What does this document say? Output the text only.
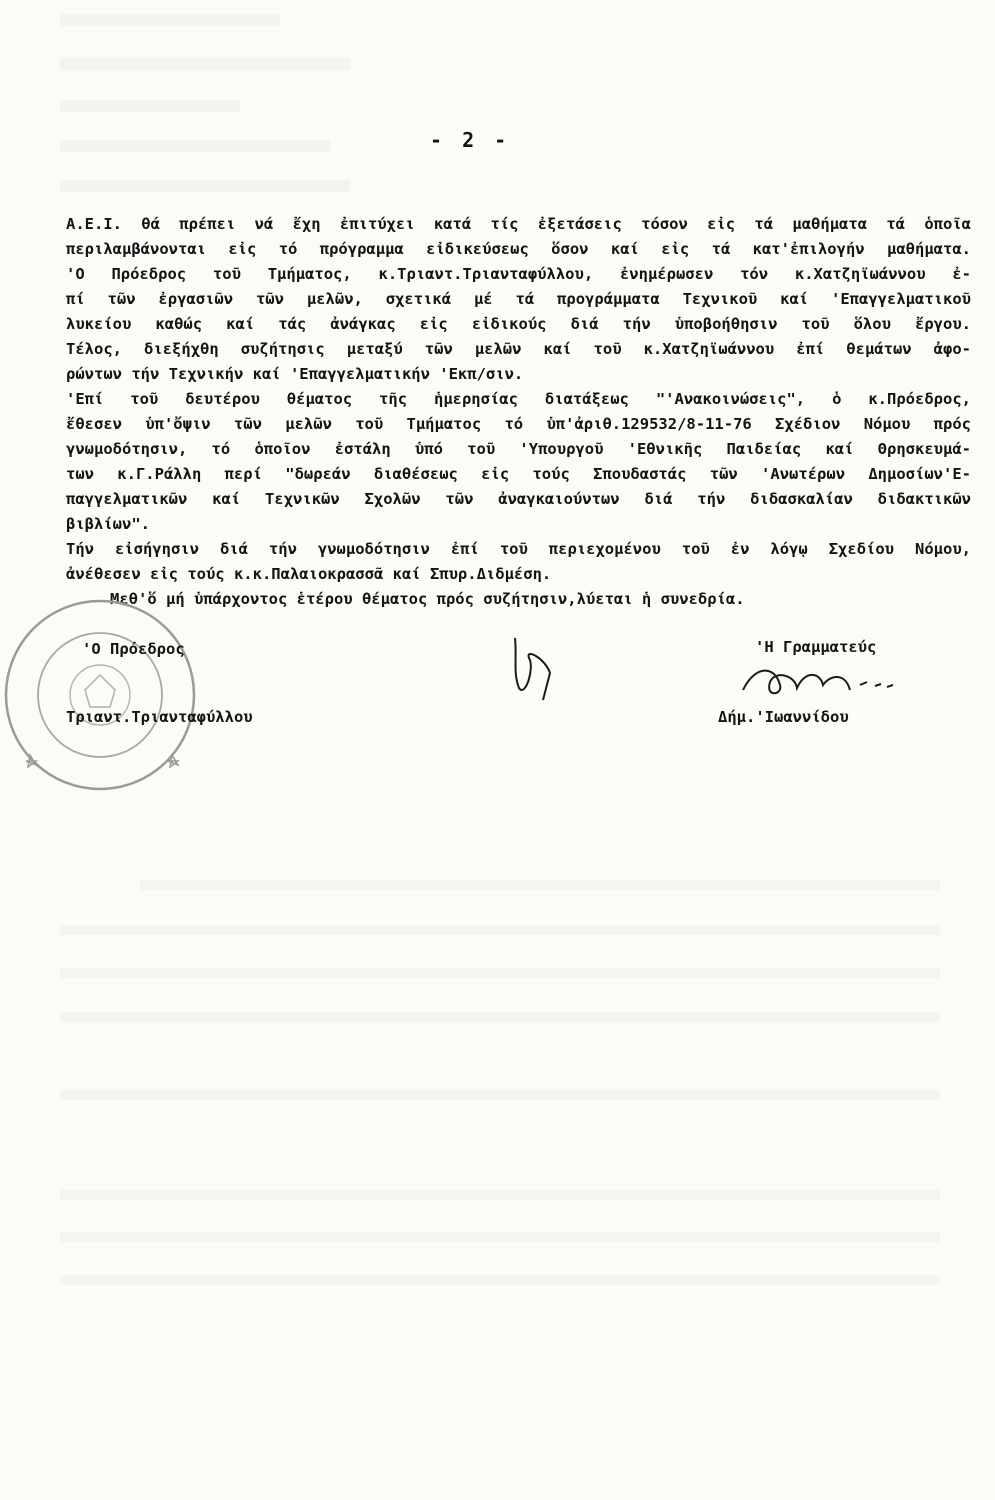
- 2 -
Α.Ε.Ι. θά πρέπει νά ἔχη ἐπιτύχει κατά τίς ἐξετάσεις τόσον εἰς τά μαθήματα τά ὁποῖα
περιλαμβάνονται εἰς τό πρόγραμμα εἰδικεύσεως ὅσον καί εἰς τά κατ'ἐπιλογήν μαθήματα.
'Ο Πρόεδρος τοῦ Τμήματος, κ.Τριαντ.Τριανταφύλλου, ἐνημέρωσεν τόν κ.Χατζηϊωάννου ἐ-
πί τῶν ἐργασιῶν τῶν μελῶν, σχετικά μέ τά προγράμματα Τεχνικοῦ καί 'Επαγγελματικοῦ
λυκείου καθώς καί τάς ἀνάγκας εἰς εἰδικούς διά τήν ὑποβοήθησιν τοῦ ὅλου ἔργου.
Τέλος, διεξήχθη συζήτησις μεταξύ τῶν μελῶν καί τοῦ κ.Χατζηϊωάννου ἐπί θεμάτων ἀφο-
ρώντων τήν Τεχνικήν καί 'Επαγγελματικήν 'Εκπ/σιν.
'Επί τοῦ δευτέρου θέματος τῆς ἡμερησίας διατάξεως "'Ανακοινώσεις", ὁ κ.Πρόεδρος,
ἔθεσεν ὑπ'ὄψιν τῶν μελῶν τοῦ Τμήματος τό ὑπ'ἀριθ.129532/8-11-76 Σχέδιον Νόμου πρός
γνωμοδότησιν, τό ὁποῖον ἐστάλη ὑπό τοῦ 'Υπουργοῦ 'Εθνικῆς Παιδείας καί Θρησκευμά-
των κ.Γ.Ράλλη περί "δωρεάν διαθέσεως εἰς τούς Σπουδαστάς τῶν 'Ανωτέρων Δημοσίων'Ε-
παγγελματικῶν καί Τεχνικῶν Σχολῶν τῶν ἀναγκαιούντων διά τήν διδασκαλίαν διδακτικῶν
βιβλίων".
Τήν εἰσήγησιν διά τήν γνωμοδότησιν ἐπί τοῦ περιεχομένου τοῦ ἐν λόγῳ Σχεδίου Νόμου,
ἀνέθεσεν εἰς τούς κ.κ.Παλαιοκρασσᾶ καί Σπυρ.Διδμέση.
Μεθ'ὅ μή ὑπάρχοντος ἑτέρου θέματος πρός συζήτησιν,λύεται ἡ συνεδρία.
'Ο Πρόεδρος
Τριαντ.Τριανταφύλλου
'Η Γραμματεύς
Δήμ.'Ιωαννίδου
